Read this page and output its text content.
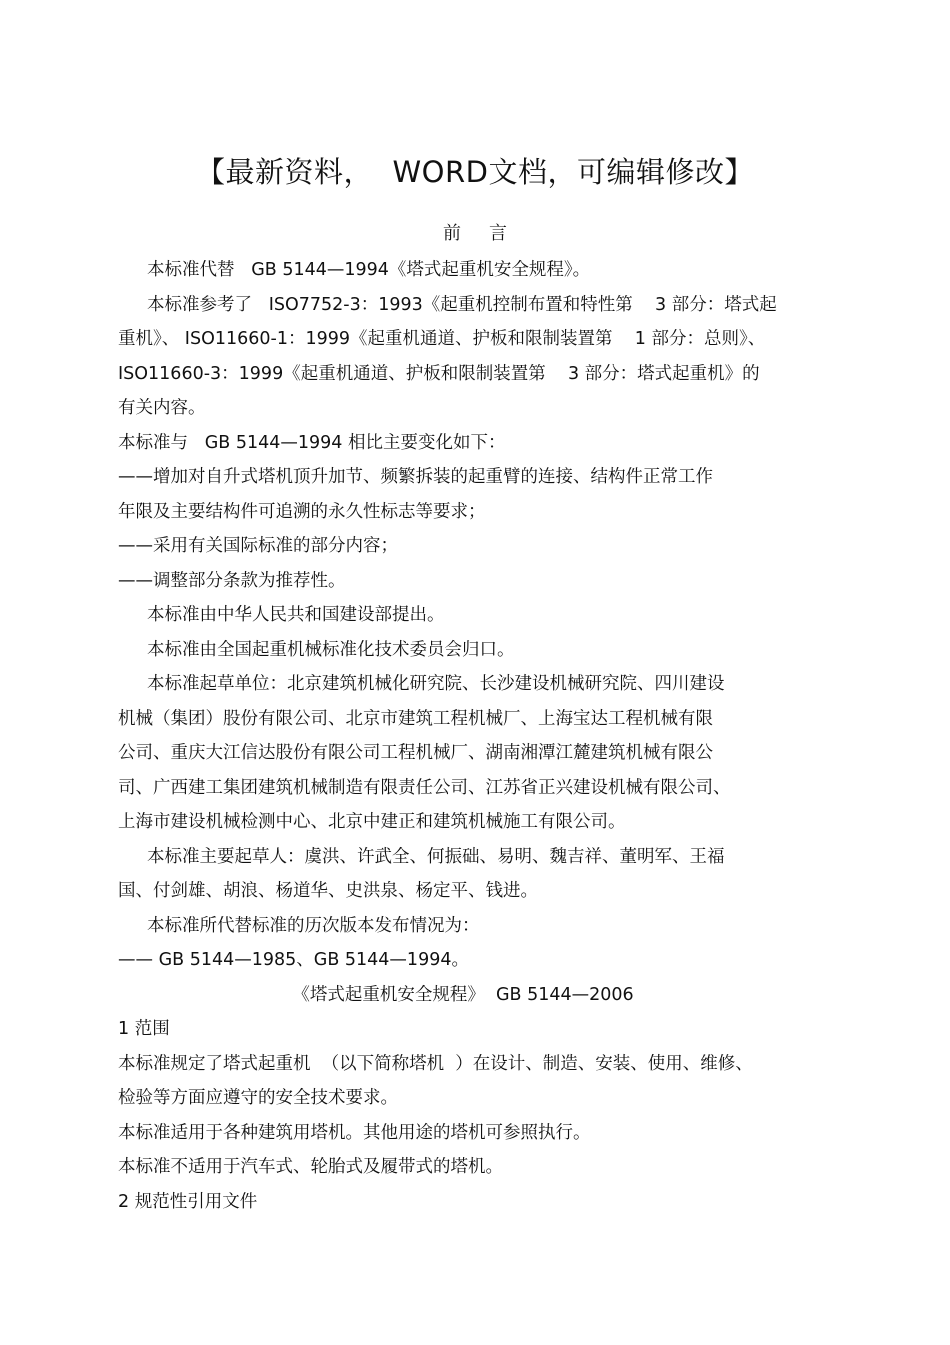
【最新资料，  WORD文档，可编辑修改】
前言
本标准代替   GB 5144—1994《塔式起重机安全规程》。
本标准参考了   ISO7752-3：1993《起重机控制布置和特性第    3 部分：塔式起
重机》、 ISO11660-1：1999《起重机通道、护板和限制装置第    1 部分：总则》、
ISO11660-3：1999《起重机通道、护板和限制装置第    3 部分：塔式起重机》的
有关内容。
本标准与   GB 5144—1994 相比主要变化如下：
——增加对自升式塔机顶升加节、频繁拆装的起重臂的连接、结构件正常工作
年限及主要结构件可追溯的永久性标志等要求；
——采用有关国际标准的部分内容；
——调整部分条款为推荐性。
本标准由中华人民共和国建设部提出。
本标准由全国起重机械标准化技术委员会归口。
本标准起草单位：北京建筑机械化研究院、长沙建设机械研究院、四川建设
机械（集团）股份有限公司、北京市建筑工程机械厂、上海宝达工程机械有限
公司、重庆大江信达股份有限公司工程机械厂、湖南湘潭江麓建筑机械有限公
司、广西建工集团建筑机械制造有限责任公司、江苏省正兴建设机械有限公司、
上海市建设机械检测中心、北京中建正和建筑机械施工有限公司。
本标准主要起草人：虞洪、许武全、何振础、易明、魏吉祥、董明军、王福
国、付剑雄、胡浪、杨道华、史洪泉、杨定平、钱进。
本标准所代替标准的历次版本发布情况为：
—— GB 5144—1985、GB 5144—1994。
《塔式起重机安全规程》  GB 5144—2006
1 范围
本标准规定了塔式起重机  （以下简称塔机  ）在设计、制造、安装、使用、维修、
检验等方面应遵守的安全技术要求。
本标准适用于各种建筑用塔机。其他用途的塔机可参照执行。
本标准不适用于汽车式、轮胎式及履带式的塔机。
2 规范性引用文件
